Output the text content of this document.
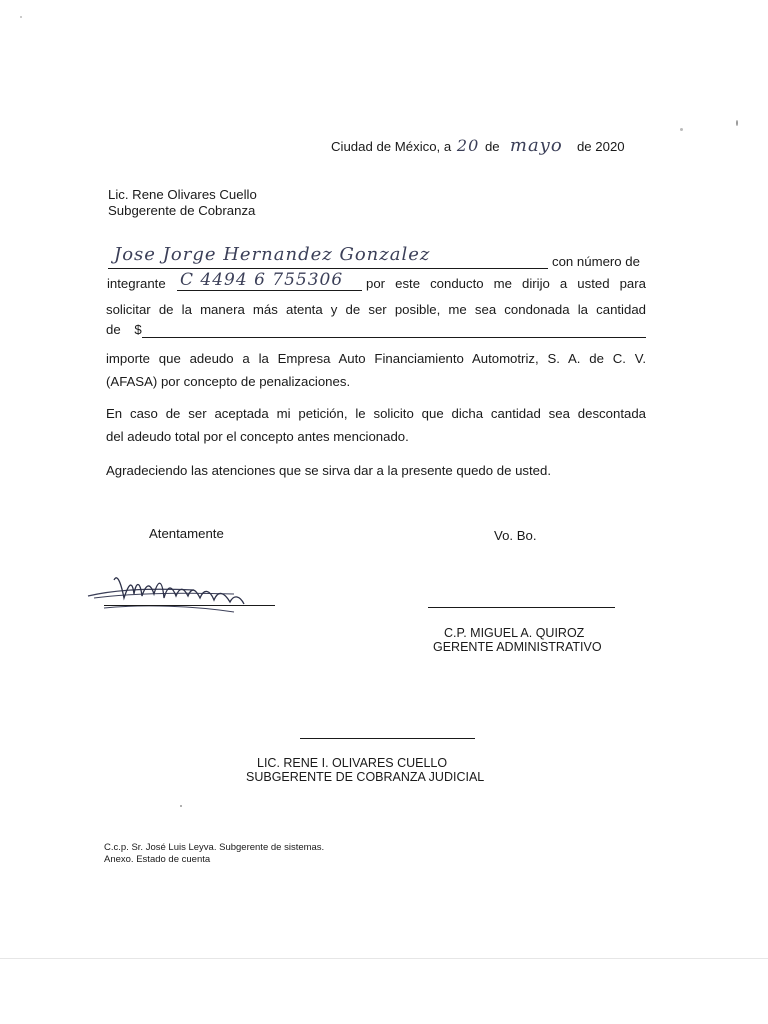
Ciudad de México, a 20 de mayo de 2020
Lic. Rene Olivares Cuello
Subgerente de Cobranza
Jose Jorge Hernandez Gonzalez	con número de
integrante C 4494 6 755306 por este conducto me dirijo a usted para
solicitar de la manera más atenta y de ser posible, me sea condonada la cantidad
de $
importe que adeudo a la Empresa Auto Financiamiento Automotriz, S. A. de C. V.
(AFASA) por concepto de penalizaciones.
En caso de ser aceptada mi petición, le solicito que dicha cantidad sea descontada
del adeudo total por el concepto antes mencionado.
Agradeciendo las atenciones que se sirva dar a la presente quedo de usted.
Atentamente	Vo. Bo.
C.P. MIGUEL A. QUIROZ
GERENTE ADMINISTRATIVO
LIC. RENE I. OLIVARES CUELLO
SUBGERENTE DE COBRANZA JUDICIAL
C.c.p. Sr. José Luis Leyva. Subgerente de sistemas.
Anexo. Estado de cuenta
